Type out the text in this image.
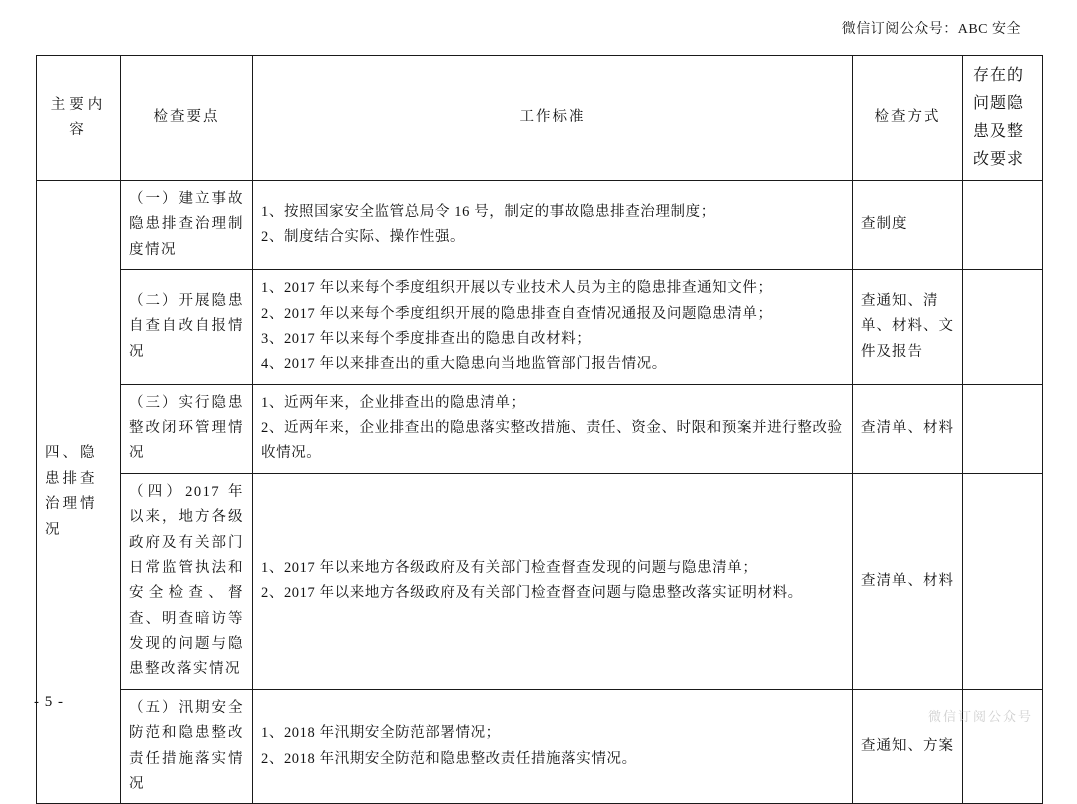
微信订阅公众号：ABC 安全
主要内容	检查要点	工作标准	检查方式	存在的问题隐患及整改要求
四、隐患排查治理情况	（一）建立事故隐患排查治理制度情况	1、按照国家安全监管总局令 16 号，制定的事故隐患排查治理制度；
2、制度结合实际、操作性强。	查制度	
	（二）开展隐患自查自改自报情况	1、2017 年以来每个季度组织开展以专业技术人员为主的隐患排查通知文件；
2、2017 年以来每个季度组织开展的隐患排查自查情况通报及问题隐患清单；
3、2017 年以来每个季度排查出的隐患自改材料；
4、2017 年以来排查出的重大隐患向当地监管部门报告情况。	查通知、清单、材料、文件及报告	
	（三）实行隐患整改闭环管理情况	1、近两年来，企业排查出的隐患清单；
2、近两年来，企业排查出的隐患落实整改措施、责任、资金、时限和预案并进行整改验收情况。	查清单、材料	
	（四）2017 年以来，地方各级政府及有关部门日常监管执法和安全检查、督查、明查暗访等发现的问题与隐患整改落实情况	1、2017 年以来地方各级政府及有关部门检查督查发现的问题与隐患清单；
2、2017 年以来地方各级政府及有关部门检查督查问题与隐患整改落实证明材料。	查清单、材料	
	（五）汛期安全防范和隐患整改责任措施落实情况	1、2018 年汛期安全防范部署情况；
2、2018 年汛期安全防范和隐患整改责任措施落实情况。	查通知、方案	
- 5 -
微信订阅公众号
